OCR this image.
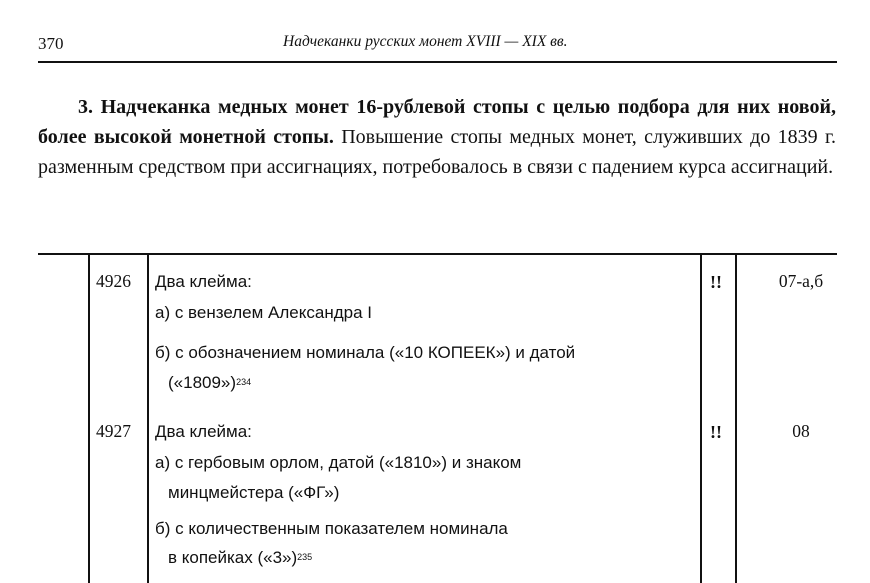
370	Надчеканки русских монет XVIII — XIX вв.
3. Надчеканка медных монет 16-рублевой стопы с целью подбора для них новой, более высокой монетной стопы. Повышение стопы медных монет, служивших до 1839 г. разменным средством при ассигнациях, потребовалось в связи с падением курса ассигнаций.
4926 Два клейма:
а) с вензелем Александра I
б) с обозначением номинала («10 КОПЕЕК») и датой
(«1809»)$^{234}$
!!	07-а,б
4927 Два клейма:
а) с гербовым орлом, датой («1810») и знаком
минцмейстера («ФГ»)
б) с количественным показателем номинала
в копейках («3»)$^{235}$
!!	08
